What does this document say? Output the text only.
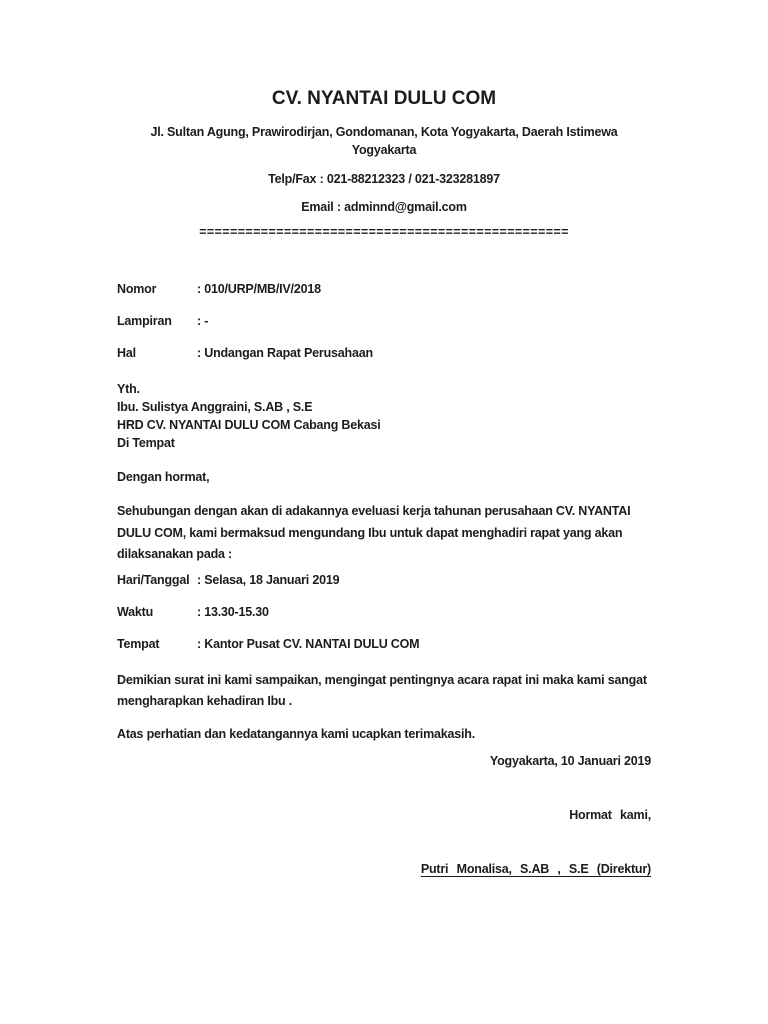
CV. NYANTAI DULU COM

Jl. Sultan Agung, Prawirodirjan, Gondomanan, Kota Yogyakarta, Daerah Istimewa Yogyakarta

Telp/Fax : 021-88212323 / 021-323281897

Email : adminnd@gmail.com

================================================

Nomor	: 010/URP/MB/IV/2018
Lampiran	: -
Hal	: Undangan Rapat Perusahaan
Yth.
Ibu. Sulistya Anggraini, S.AB , S.E
HRD CV. NYANTAI DULU COM Cabang Bekasi
Di Tempat

Dengan hormat,

Sehubungan dengan akan di adakannya eveluasi kerja tahunan perusahaan CV. NYANTAI DULU COM, kami bermaksud mengundang Ibu untuk dapat menghadiri rapat yang akan dilaksanakan pada :

Hari/Tanggal : Selasa, 18 Januari 2019
Waktu	: 13.30-15.30
Tempat	: Kantor Pusat CV. NANTAI DULU COM

Demikian surat ini kami sampaikan, mengingat pentingnya acara rapat ini maka kami sangat mengharapkan kehadiran Ibu .

Atas perhatian dan kedatangannya kami ucapkan terimakasih.

Yogyakarta, 10 Januari 2019

Hormat kami,

Putri Monalisa, S.AB , S.E (Direktur)
